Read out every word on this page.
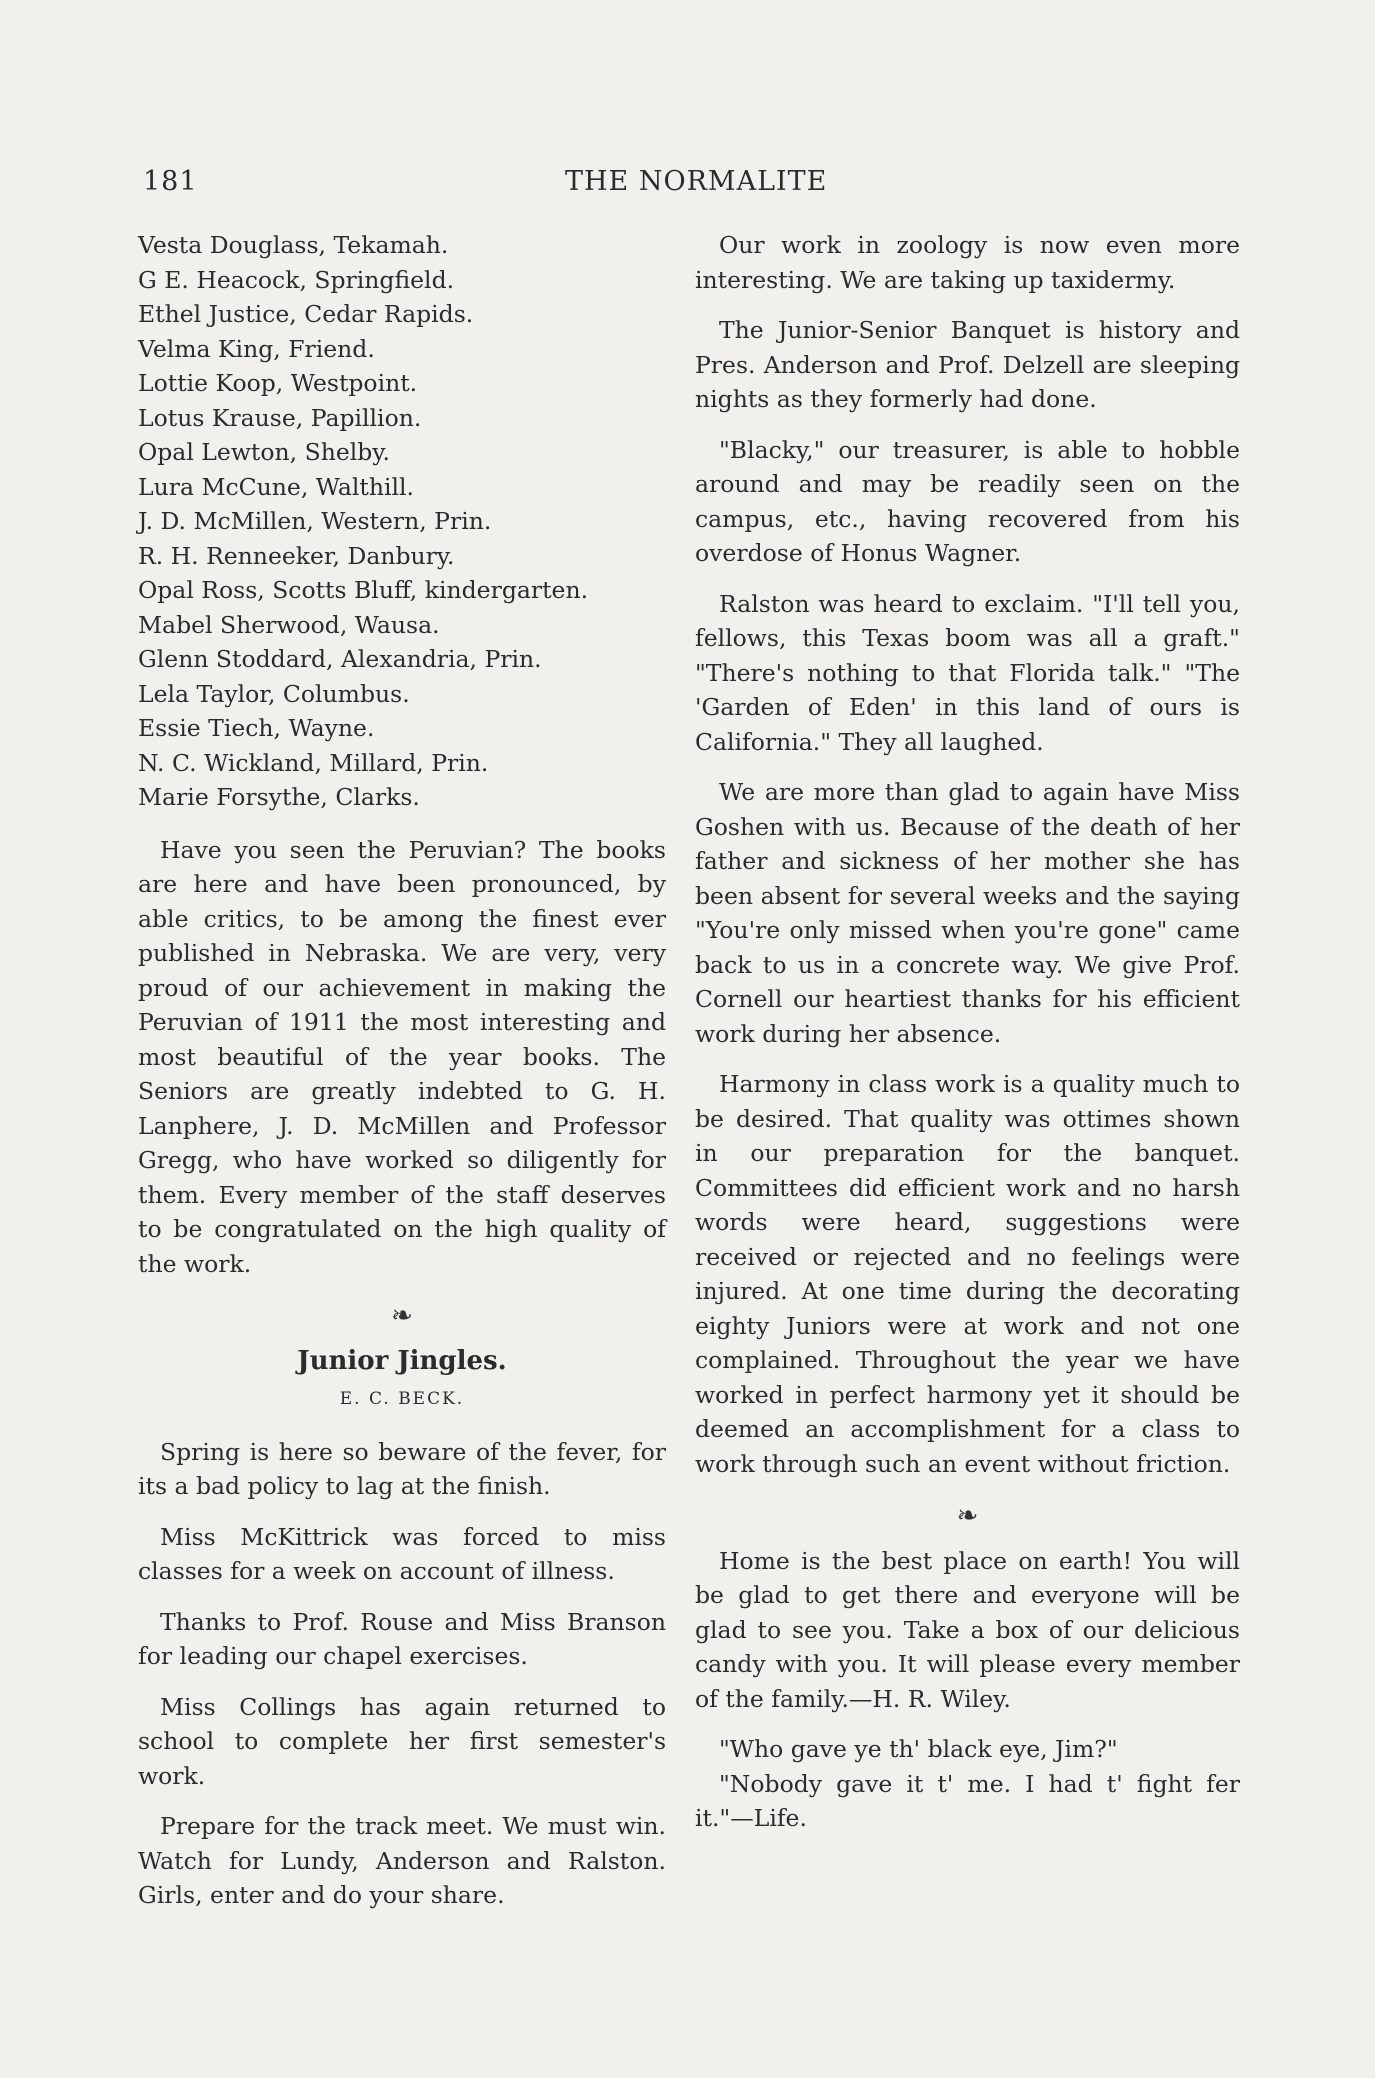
181	THE NORMALITE

Vesta Douglass, Tekamah.

G E. Heacock, Springfield.

Ethel Justice, Cedar Rapids.

Velma King, Friend.

Lottie Koop, Westpoint.

Lotus Krause, Papillion.

Opal Lewton, Shelby.

Lura McCune, Walthill.

J. D. McMillen, Western, Prin.

R. H. Renneeker, Danbury.

Opal Ross, Scotts Bluff, kindergarten.

Mabel Sherwood, Wausa.

Glenn Stoddard, Alexandria, Prin.

Lela Taylor, Columbus.

Essie Tiech, Wayne.

N. C. Wickland, Millard, Prin.

Marie Forsythe, Clarks.

Have you seen the Peruvian? The books are here and have been pronounced, by able critics, to be among the finest ever published in Nebraska. We are very, very proud of our achievement in making the Peruvian of 1911 the most interesting and most beautiful of the year books. The Seniors are greatly indebted to G. H. Lanphere, J. D. McMillen and Professor Gregg, who have worked so diligently for them. Every member of the staff deserves to be congratulated on the high quality of the work.

❧
Junior Jingles.
E. C. BECK.

Spring is here so beware of the fever, for its a bad policy to lag at the finish.

Miss McKittrick was forced to miss classes for a week on account of illness.

Thanks to Prof. Rouse and Miss Branson for leading our chapel exercises.

Miss Collings has again returned to school to complete her first semester's work.

Prepare for the track meet. We must win. Watch for Lundy, Anderson and Ralston. Girls, enter and do your share.

Our work in zoology is now even more interesting. We are taking up taxidermy.

The Junior-Senior Banquet is history and Pres. Anderson and Prof. Delzell are sleeping nights as they formerly had done.

"Blacky," our treasurer, is able to hobble around and may be readily seen on the campus, etc., having recovered from his overdose of Honus Wagner.

Ralston was heard to exclaim. "I'll tell you, fellows, this Texas boom was all a graft." "There's nothing to that Florida talk." "The 'Garden of Eden' in this land of ours is California." They all laughed.

We are more than glad to again have Miss Goshen with us. Because of the death of her father and sickness of her mother she has been absent for several weeks and the saying "You're only missed when you're gone" came back to us in a concrete way. We give Prof. Cornell our heartiest thanks for his efficient work during her absence.

Harmony in class work is a quality much to be desired. That quality was ottimes shown in our preparation for the banquet. Committees did efficient work and no harsh words were heard, suggestions were received or rejected and no feelings were injured. At one time during the decorating eighty Juniors were at work and not one complained. Throughout the year we have worked in perfect harmony yet it should be deemed an accomplishment for a class to work through such an event without friction.

❧

Home is the best place on earth! You will be glad to get there and everyone will be glad to see you. Take a box of our delicious candy with you. It will please every member of the family.—H. R. Wiley.

"Who gave ye th' black eye, Jim?"

"Nobody gave it t' me. I had t' fight fer it."—Life.
